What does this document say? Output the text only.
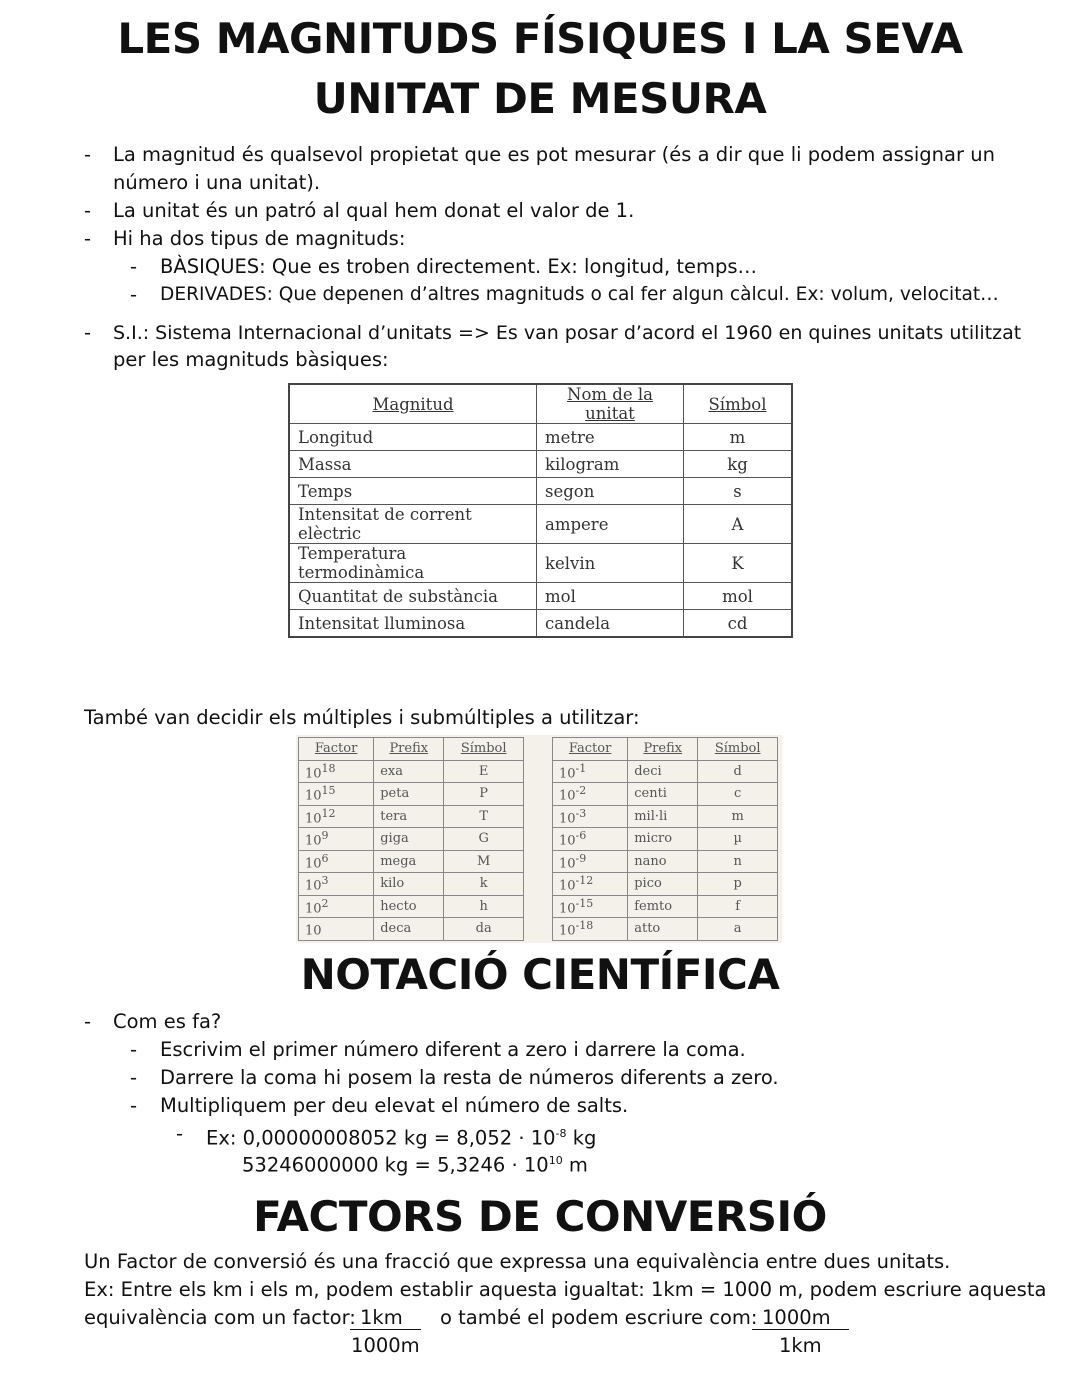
LES MAGNITUDS FÍSIQUES I LA SEVA
UNITAT DE MESURA
- La magnitud és qualsevol propietat que es pot mesurar (és a dir que li podem assignar un
número i una unitat).
- La unitat és un patró al qual hem donat el valor de 1.
- Hi ha dos tipus de magnituds:
- BÀSIQUES: Que es troben directement. Ex: longitud, temps…
- DERIVADES: Que depenen d’altres magnituds o cal fer algun càlcul. Ex: volum, velocitat…
- S.I.: Sistema Internacional d’unitats => Es van posar d’acord el 1960 en quines unitats utilitzat
per les magnituds bàsiques:
Magnitud	Nom de la unitat	Símbol
Longitud	metre	m
Massa	kilogram	kg
Temps	segon	s
Intensitat de corrent elèctric	ampere	A
Temperatura termodinàmica	kelvin	K
Quantitat de substància	mol	mol
Intensitat lluminosa	candela	cd
També van decidir els múltiples i submúltiples a utilitzar:
Factor	Prefix	Símbol
$10^{18}$	exa	E
$10^{15}$	peta	P
$10^{12}$	tera	T
$10^9$	giga	G
$10^6$	mega	M
$10^3$	kilo	k
$10^2$	hecto	h
10	deca	da
Factor	Prefix	Símbol
$10^{-1}$	deci	d
$10^{-2}$	centi	c
$10^{-3}$	mil·li	m
$10^{-6}$	micro	µ
$10^{-9}$	nano	n
$10^{-12}$	pico	p
$10^{-15}$	femto	f
$10^{-18}$	atto	a
NOTACIÓ CIENTÍFICA
- Com es fa?
- Escrivim el primer número diferent a zero i darrere la coma.
- Darrere la coma hi posem la resta de números diferents a zero.
- Multipliquem per deu elevat el número de salts.
- Ex: 0,00000008052 kg = $8,052 \cdot 10^{-8}$ kg
53246000000 kg = $5,3246 \cdot 10^{10}$ m
FACTORS DE CONVERSIÓ
Un Factor de conversió és una fracció que expressa una equivalència entre dues unitats.
Ex: Entre els km i els m, podem establir aquesta igualtat: 1km = 1000 m, podem escriure aquesta
equivalència com un factor: 1km
1000m
o també el podem escriure com: 1000m
1km
